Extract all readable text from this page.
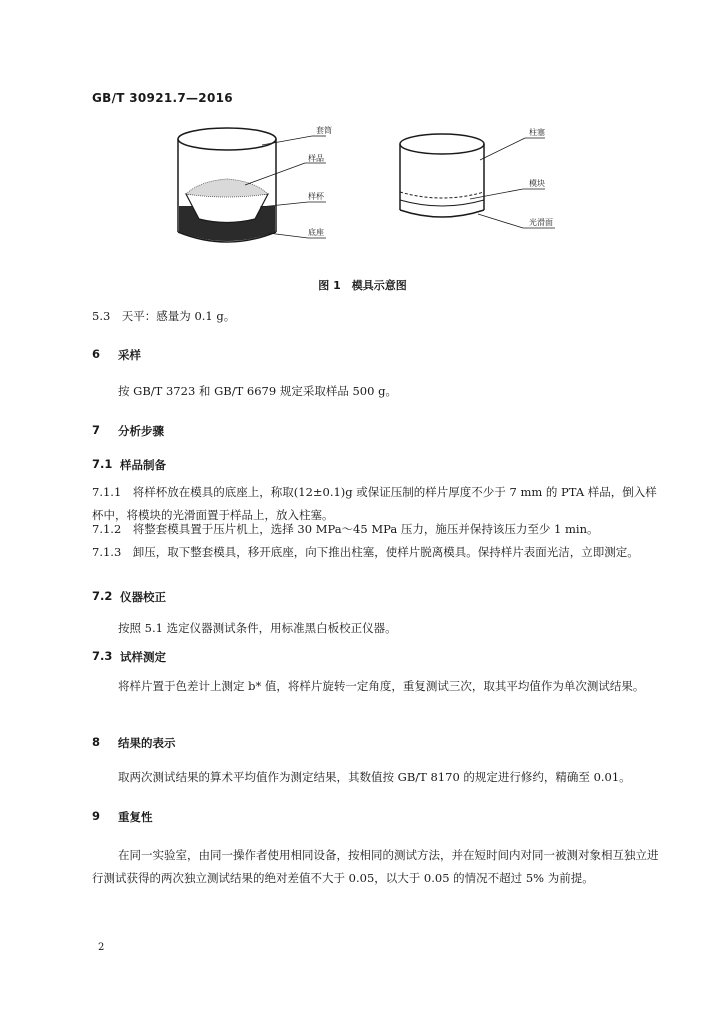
GB/T 30921.7—2016
套筒
样品
样杯
底座
柱塞
模块
光滑面
图 1　模具示意图
5.3　天平：感量为 0.1 g。
6 采样
按 GB/T 3723 和 GB/T 6679 规定采取样品 500 g。
7 分析步骤
7.1 样品制备
7.1.1　 将样杯放在模具的底座上，称取(12±0.1)g 或保证压制的样片厚度不少于 7 mm 的 PTA 样品，倒入样杯中，将模块的光滑面置于样品上，放入柱塞。
7.1.2　 将整套模具置于压片机上，选择 30 MPa～45 MPa 压力，施压并保持该压力至少 1 min。
7.1.3　 卸压，取下整套模具，移开底座，向下推出柱塞，使样片脱离模具。保持样片表面光洁，立即测定。
7.2 仪器校正
按照 5.1 选定仪器测试条件，用标准黑白板校正仪器。
7.3 试样测定
将样片置于色差计上测定 b* 值，将样片旋转一定角度，重复测试三次，取其平均值作为单次测试结果。
8 结果的表示
取两次测试结果的算术平均值作为测定结果，其数值按 GB/T 8170 的规定进行修约，精确至 0.01。
9 重复性
在同一实验室，由同一操作者使用相同设备，按相同的测试方法，并在短时间内对同一被测对象相互独立进行测试获得的两次独立测试结果的绝对差值不大于 0.05，以大于 0.05 的情况不超过 5% 为前提。
2
